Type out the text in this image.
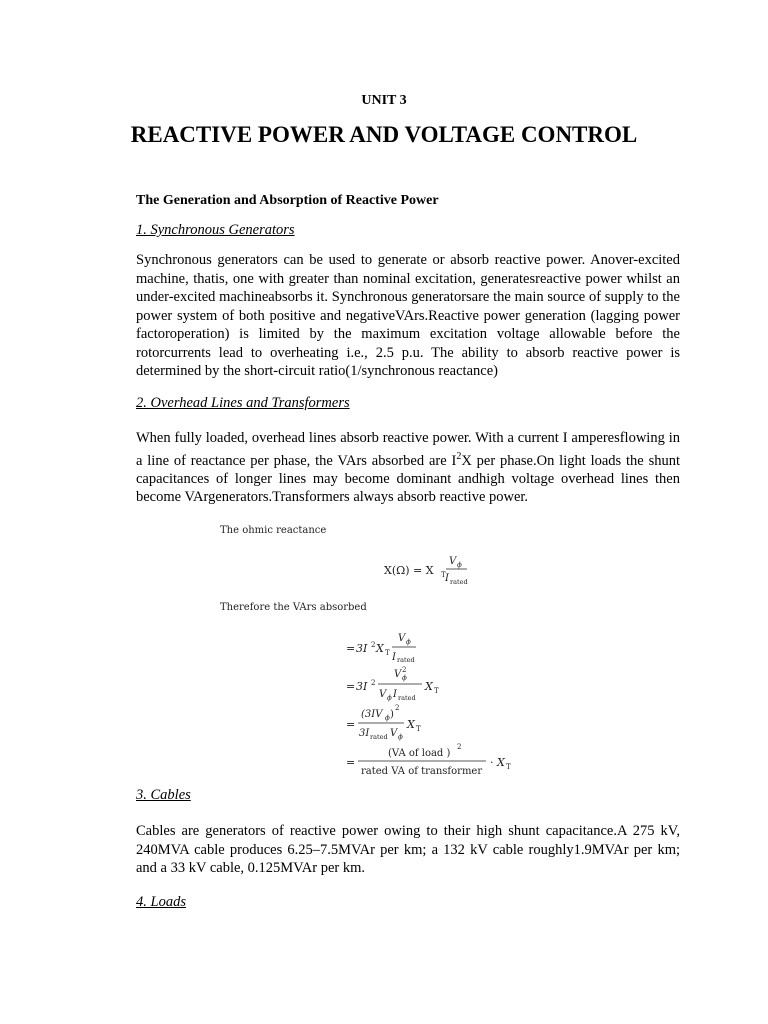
UNIT 3
REACTIVE POWER AND VOLTAGE CONTROL
The Generation and Absorption of Reactive Power
1. Synchronous Generators
Synchronous generators can be used to generate or absorb reactive power. Anover-excited machine, thatis, one with greater than nominal excitation, generatesreactive power whilst an under-excited machineabsorbs it. Synchronous generatorsare the main source of supply to the power system of both positive and negativeVArs.Reactive power generation (lagging power factoroperation) is limited by the maximum excitation voltage allowable before the rotorcurrents lead to overheating i.e., 2.5 p.u. The ability to absorb reactive power is determined by the short-circuit ratio(1/synchronous reactance)
2. Overhead Lines and Transformers
When fully loaded, overhead lines absorb reactive power. With a current I amperesflowing in a line of reactance per phase, the VArs absorbed are $I^2X$ per phase.On light loads the shunt capacitances of longer lines may become dominant andhigh voltage overhead lines then become VArgenerators.Transformers always absorb reactive power.
The ohmic reactance
X(Ω) = X T
V ϕ
I rated
Therefore the VArs absorbed
= 3I 2 X T
V ϕ
I rated
= 3I 2
V 2
ϕ
V ϕ I rated
X T
=
(3IV ϕ )
2
3I rated V ϕ
X T
=
(VA of load )
2
rated VA of transformer
· X T
3. Cables
Cables are generators of reactive power owing to their high shunt capacitance.A 275 kV, 240MVA cable produces 6.25–7.5MVAr per km; a 132 kV cable roughly1.9MVAr per km; and a 33 kV cable, 0.125MVAr per km.
4. Loads
